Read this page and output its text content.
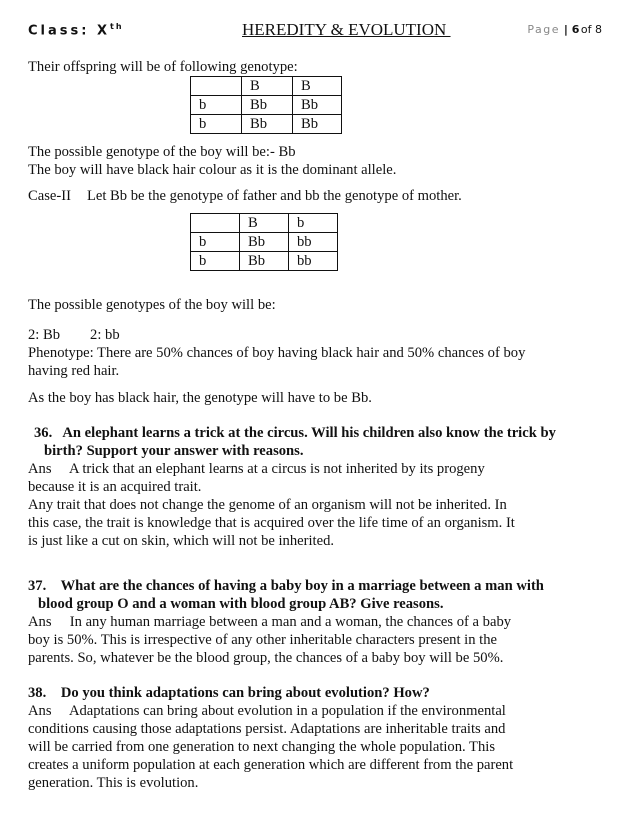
Class: Xth	HEREDITY & EVOLUTION	Page | 6of 8
Their offspring will be of following genotype:
	B	B
b	Bb	Bb
b	Bb	Bb
The possible genotype of the boy will be:- Bb
The boy will have black hair colour as it is the dominant allele.
Case-II Let Bb be the genotype of father and bb the genotype of mother.
	B	b
b	Bb	bb
b	Bb	bb
The possible genotypes of the boy will be:
2: Bb 2: bb
Phenotype: There are 50% chances of boy having black hair and 50% chances of boy
having red hair.
As the boy has black hair, the genotype will have to be Bb.
36.   An elephant learns a trick at the circus. Will his children also know the trick by
birth? Support your answer with reasons.
Ans     A trick that an elephant learns at a circus is not inherited by its progeny
because it is an acquired trait.
Any trait that does not change the genome of an organism will not be inherited. In
this case, the trait is knowledge that is acquired over the life time of an organism. It
is just like a cut on skin, which will not be inherited.
37.    What are the chances of having a baby boy in a marriage between a man with
blood group O and a woman with blood group AB? Give reasons.
Ans     In any human marriage between a man and a woman, the chances of a baby
boy is 50%. This is irrespective of any other inheritable characters present in the
parents. So, whatever be the blood group, the chances of a baby boy will be 50%.
38.    Do you think adaptations can bring about evolution? How?
Ans     Adaptations can bring about evolution in a population if the environmental
conditions causing those adaptations persist. Adaptations are inheritable traits and
will be carried from one generation to next changing the whole population. This
creates a uniform population at each generation which are different from the parent
generation. This is evolution.
